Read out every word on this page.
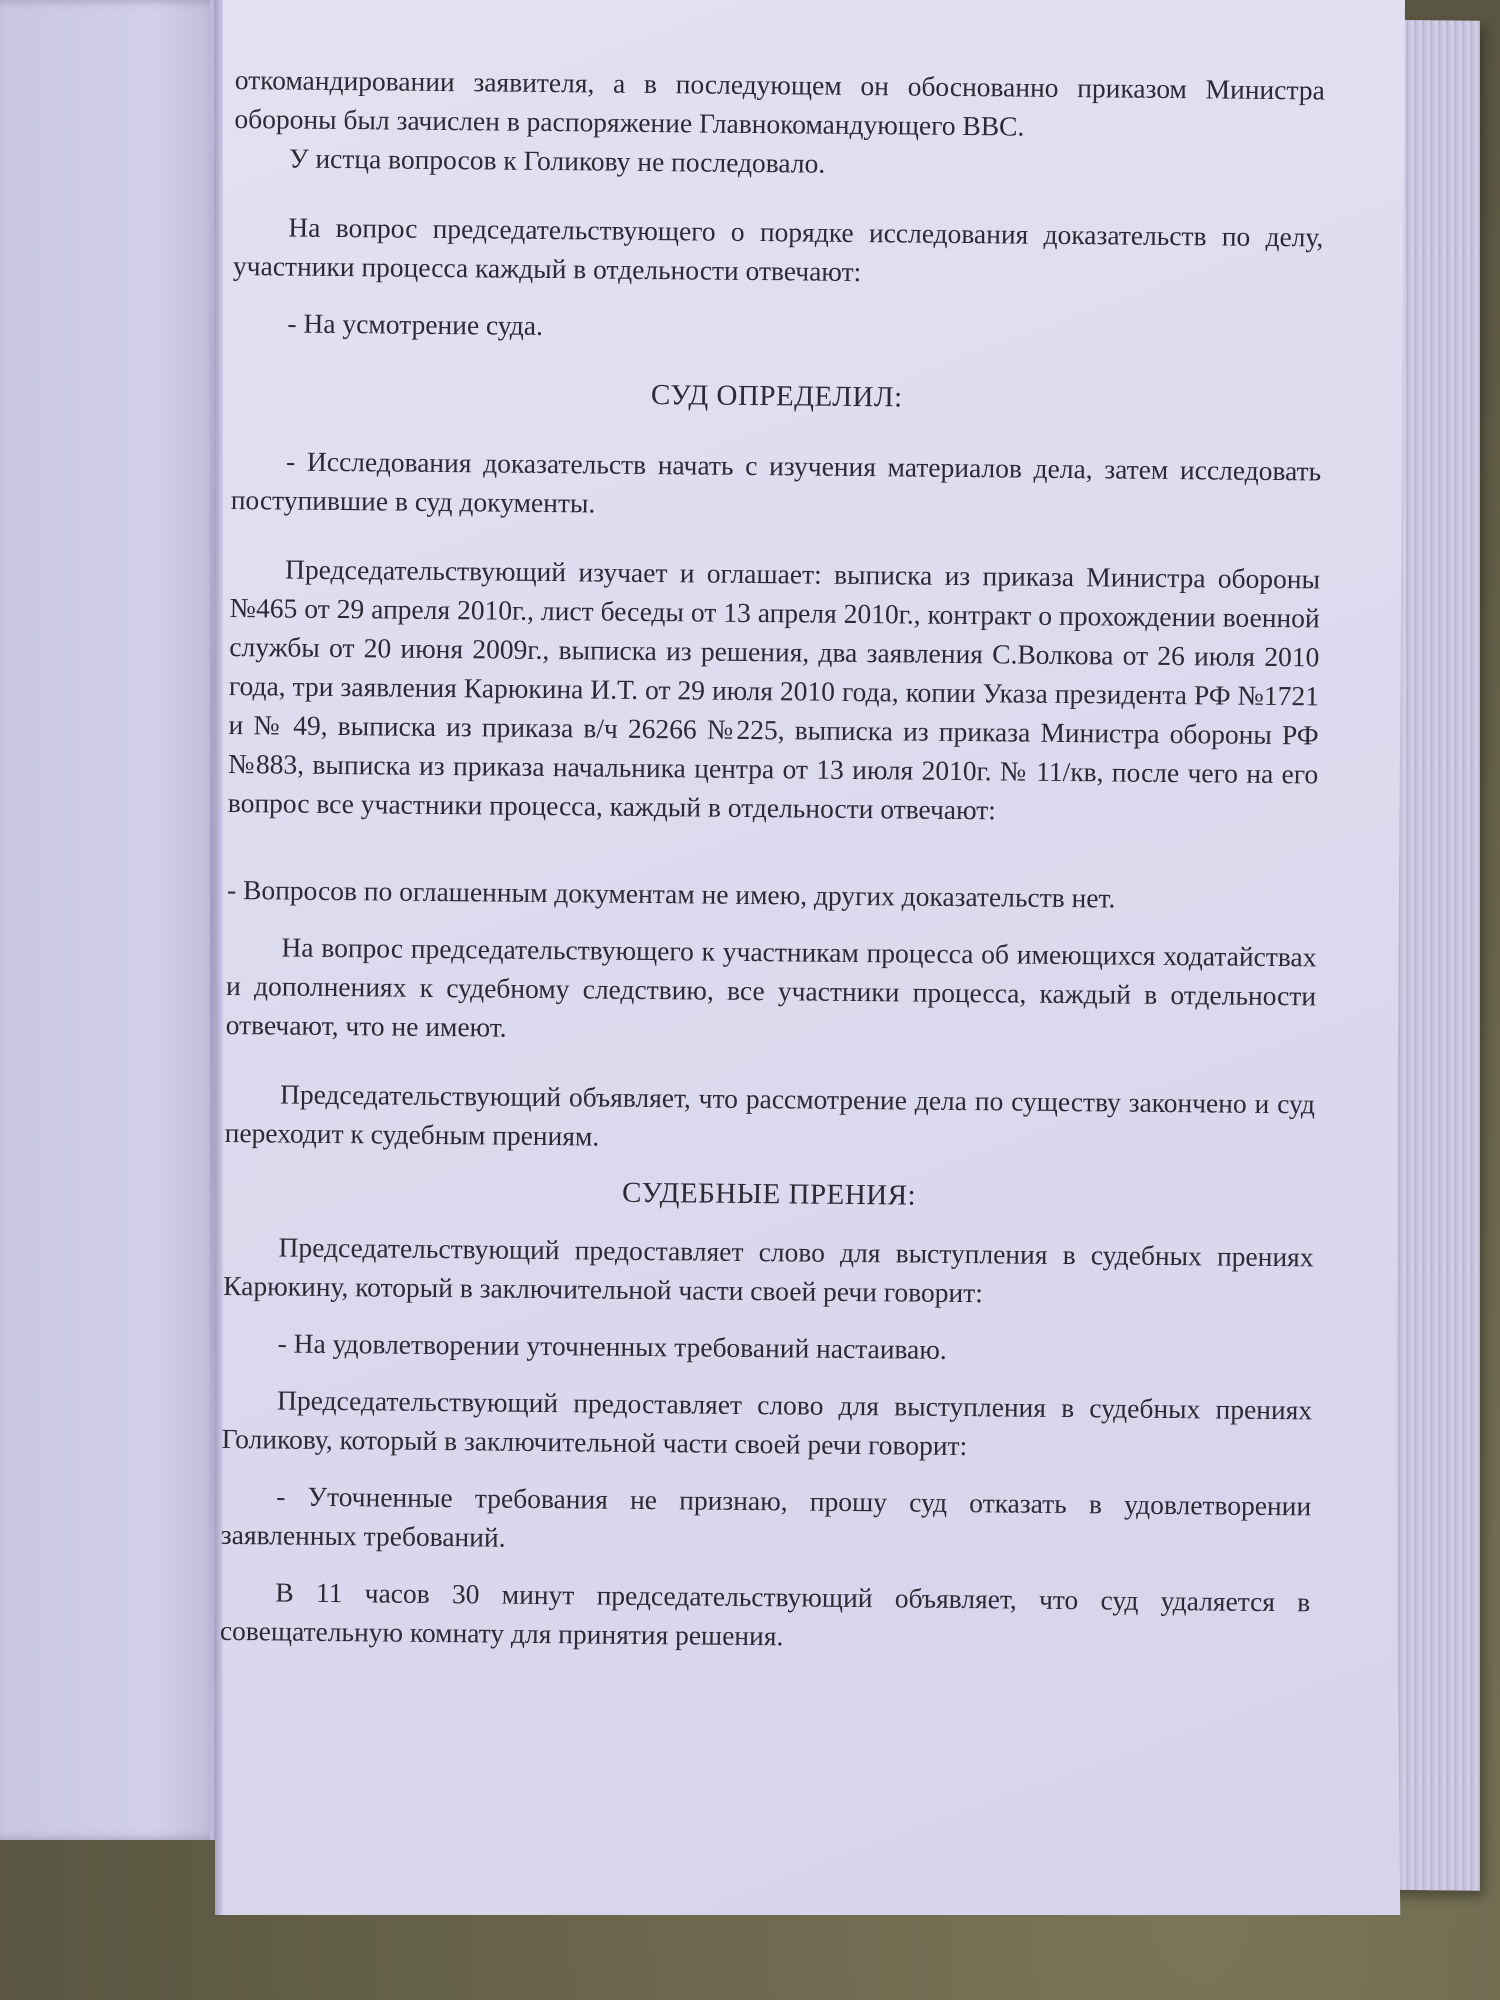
откомандировании заявителя, а в последующем он обоснованно приказом Министра обороны был зачислен в распоряжение Главнокомандующего ВВС.

У истца вопросов к Голикову не последовало.

На вопрос председательствующего о порядке исследования доказательств по делу, участники процесса каждый в отдельности отвечают:

- На усмотрение суда.

СУД ОПРЕДЕЛИЛ:

- Исследования доказательств начать с изучения материалов дела, затем исследовать поступившие в суд документы.

Председательствующий изучает и оглашает: выписка из приказа Министра обороны №465 от 29 апреля 2010г., лист беседы от 13 апреля 2010г., контракт о прохождении военной службы от 20 июня 2009г., выписка из решения, два заявления С.Волкова от 26 июля 2010 года, три заявления Карюкина И.Т. от 29 июля 2010 года, копии Указа президента РФ №1721 и № 49, выписка из приказа в/ч 26266 №225, выписка из приказа Министра обороны РФ №883, выписка из приказа начальника центра от 13 июля 2010г. № 11/кв, после чего на его вопрос все участники процесса, каждый в отдельности отвечают:

- Вопросов по оглашенным документам не имею, других доказательств нет.

На вопрос председательствующего к участникам процесса об имеющихся ходатайствах и дополнениях к судебному следствию, все участники процесса, каждый в отдельности отвечают, что не имеют.

Председательствующий объявляет, что рассмотрение дела по существу закончено и суд переходит к судебным прениям.

СУДЕБНЫЕ ПРЕНИЯ:

Председательствующий предоставляет слово для выступления в судебных прениях Карюкину, который в заключительной части своей речи говорит:

- На удовлетворении уточненных требований настаиваю.

Председательствующий предоставляет слово для выступления в судебных прениях Голикову, который в заключительной части своей речи говорит:

- Уточненные требования не признаю, прошу суд отказать в удовлетворении заявленных требований.

В 11 часов 30 минут председательствующий объявляет, что суд удаляется в совещательную комнату для принятия решения.
